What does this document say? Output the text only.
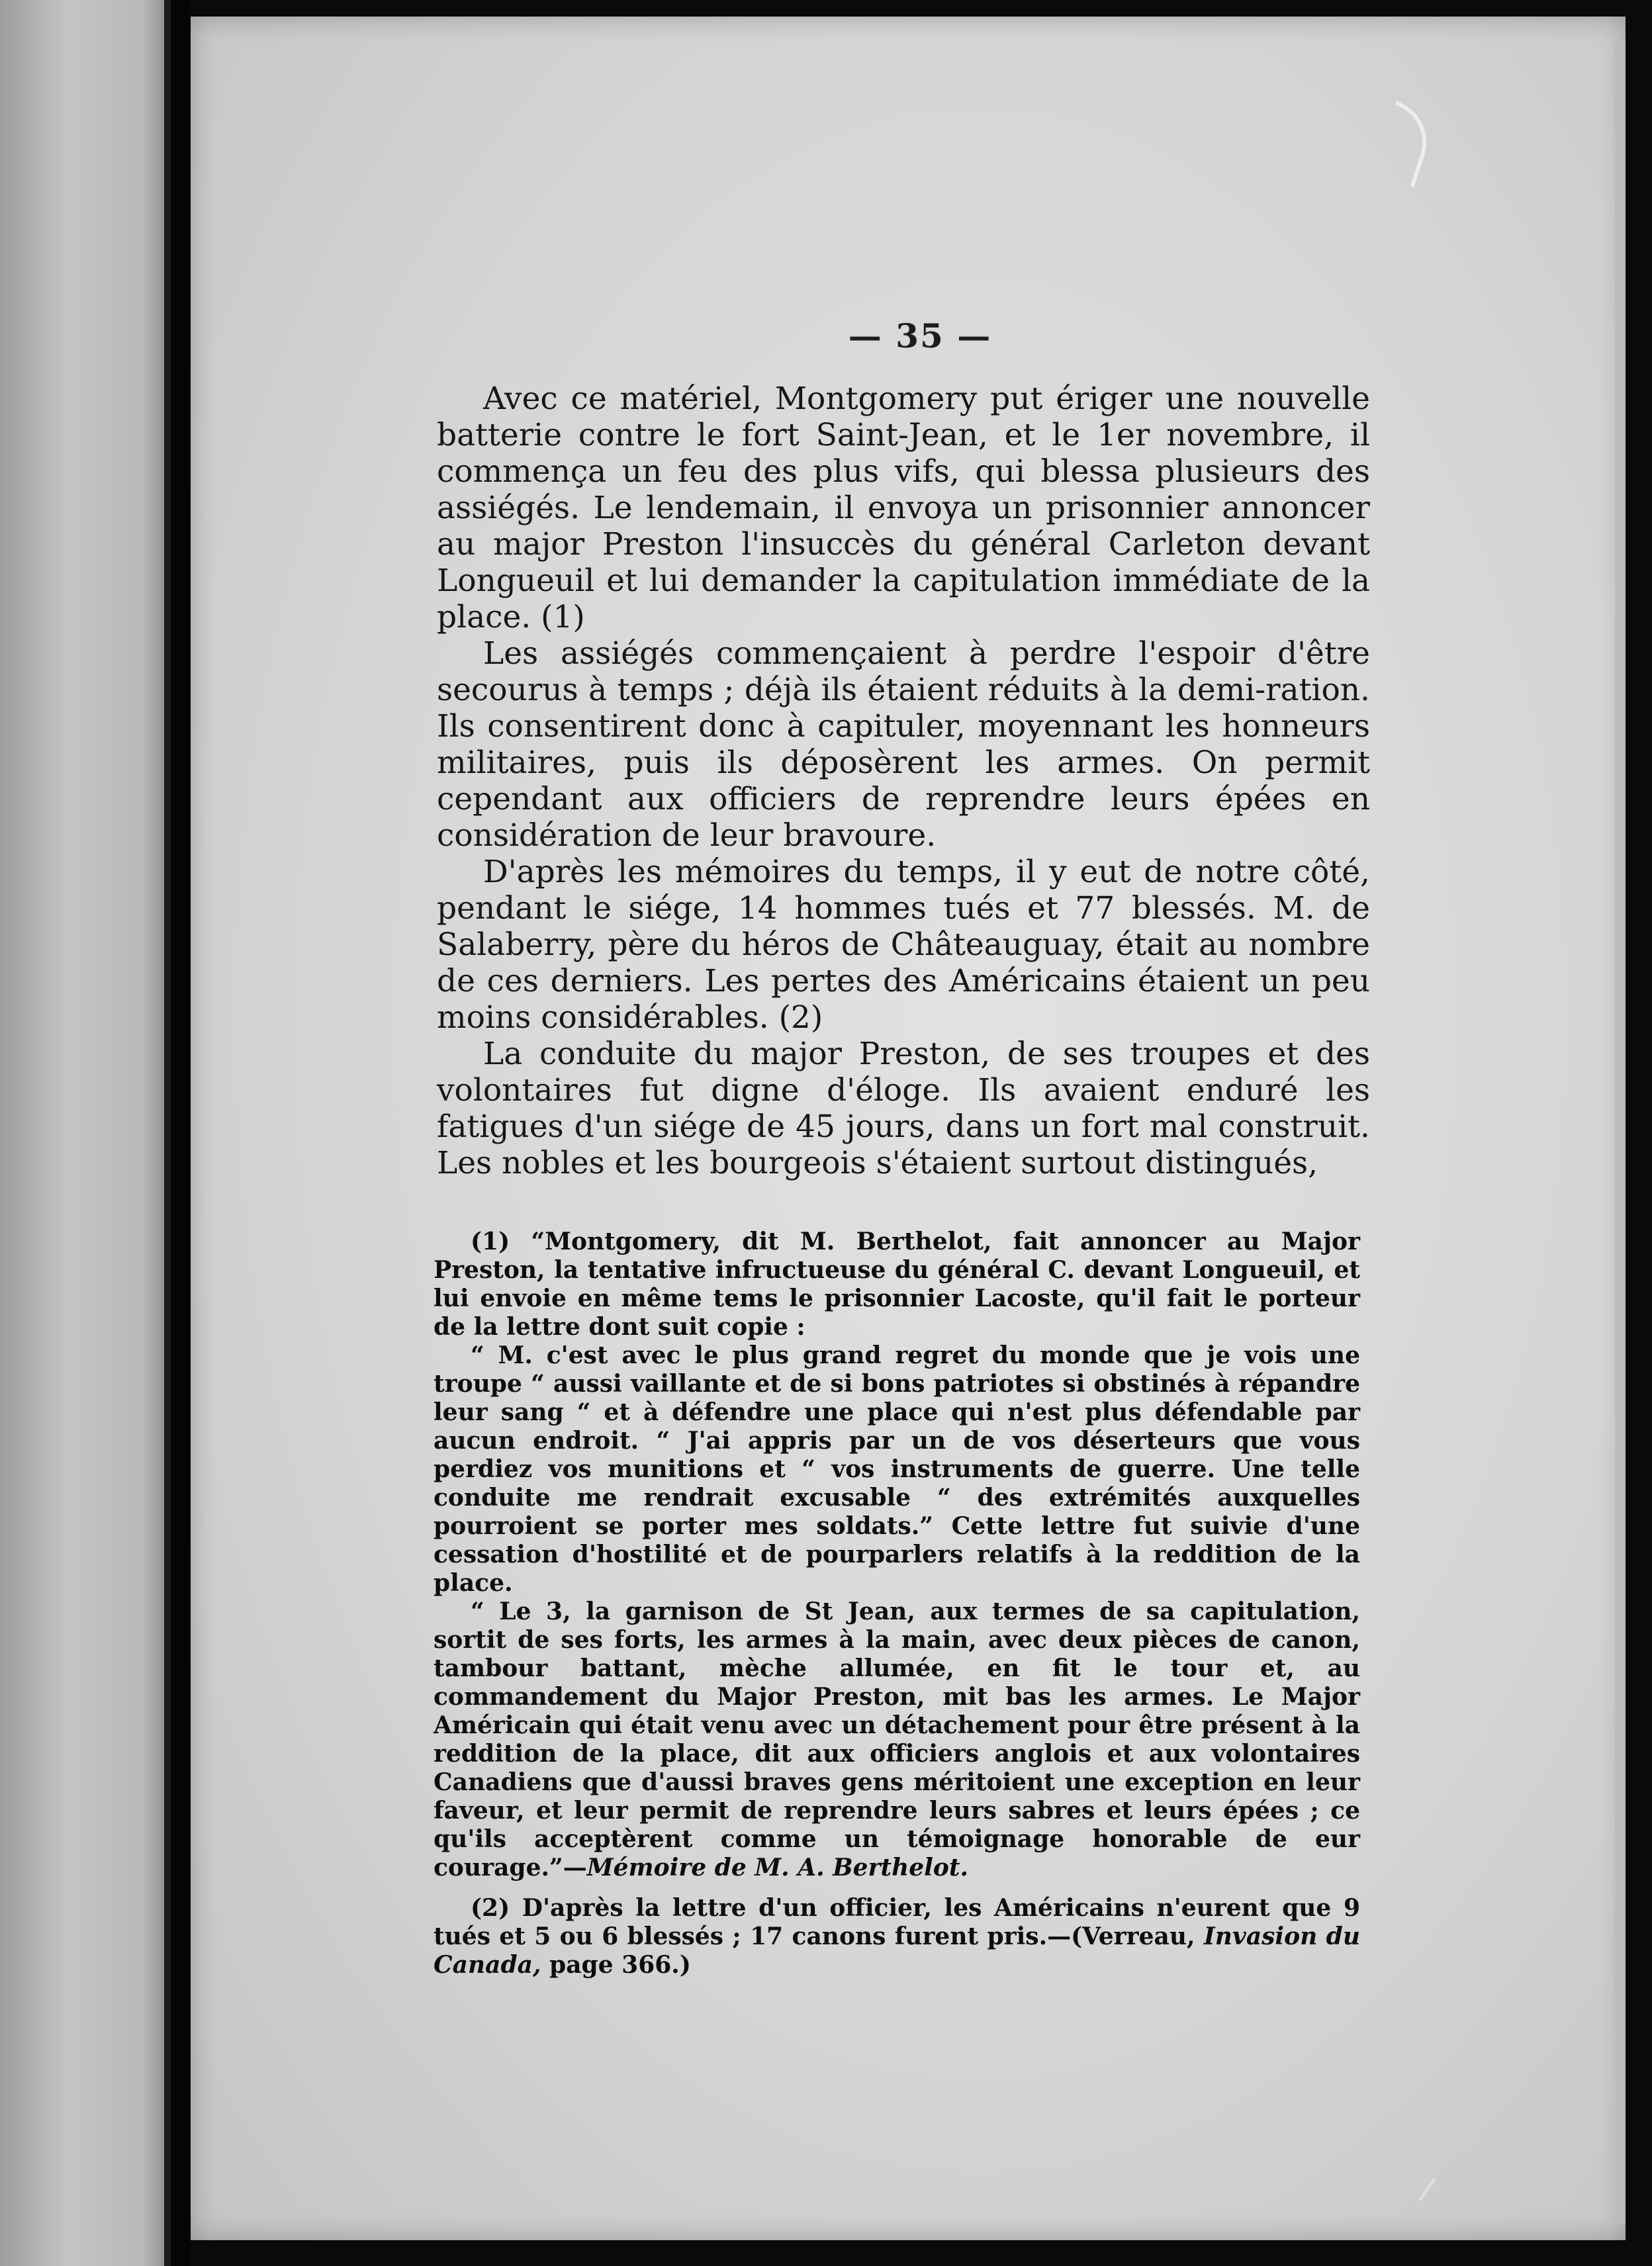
— 35 —

Avec ce matériel, Montgomery put ériger une nouvelle batterie contre le fort Saint-Jean, et le 1er novembre, il commença un feu des plus vifs, qui blessa plusieurs des assiégés. Le lendemain, il envoya un prisonnier annoncer au major Preston l'insuccès du général Carleton devant Longueuil et lui demander la capitulation immédiate de la place. (1)

Les assiégés commençaient à perdre l'espoir d'être secourus à temps ; déjà ils étaient réduits à la demi-ration. Ils consentirent donc à capituler, moyennant les honneurs militaires, puis ils déposèrent les armes. On permit cependant aux officiers de reprendre leurs épées en considération de leur bravoure.

D'après les mémoires du temps, il y eut de notre côté, pendant le siége, 14 hommes tués et 77 blessés. M. de Salaberry, père du héros de Châteauguay, était au nombre de ces derniers. Les pertes des Américains étaient un peu moins considérables. (2)

La conduite du major Preston, de ses troupes et des volontaires fut digne d'éloge. Ils avaient enduré les fatigues d'un siége de 45 jours, dans un fort mal construit. Les nobles et les bourgeois s'étaient surtout distingués,

(1) “Montgomery, dit M. Berthelot, fait annoncer au Major Preston, la tentative infructueuse du général C. devant Longueuil, et lui envoie en même tems le prisonnier Lacoste, qu'il fait le porteur de la lettre dont suit copie :

“ M. c'est avec le plus grand regret du monde que je vois une troupe “ aussi vaillante et de si bons patriotes si obstinés à répandre leur sang “ et à défendre une place qui n'est plus défendable par aucun endroit. “ J'ai appris par un de vos déserteurs que vous perdiez vos munitions et “ vos instruments de guerre. Une telle conduite me rendrait excusable “ des extrémités auxquelles pourroient se porter mes soldats.” Cette lettre fut suivie d'une cessation d'hostilité et de pourparlers relatifs à la reddition de la place.

“ Le 3, la garnison de St Jean, aux termes de sa capitulation, sortit de ses forts, les armes à la main, avec deux pièces de canon, tambour battant, mèche allumée, en fit le tour et, au commandement du Major Preston, mit bas les armes. Le Major Américain qui était venu avec un détachement pour être présent à la reddition de la place, dit aux officiers anglois et aux volontaires Canadiens que d'aussi braves gens méritoient une exception en leur faveur, et leur permit de reprendre leurs sabres et leurs épées ; ce qu'ils acceptèrent comme un témoignage honorable de eur courage.”—Mémoire de M. A. Berthelot.

(2) D'après la lettre d'un officier, les Américains n'eurent que 9 tués et 5 ou 6 blessés ; 17 canons furent pris.—(Verreau, Invasion du Canada, page 366.)
